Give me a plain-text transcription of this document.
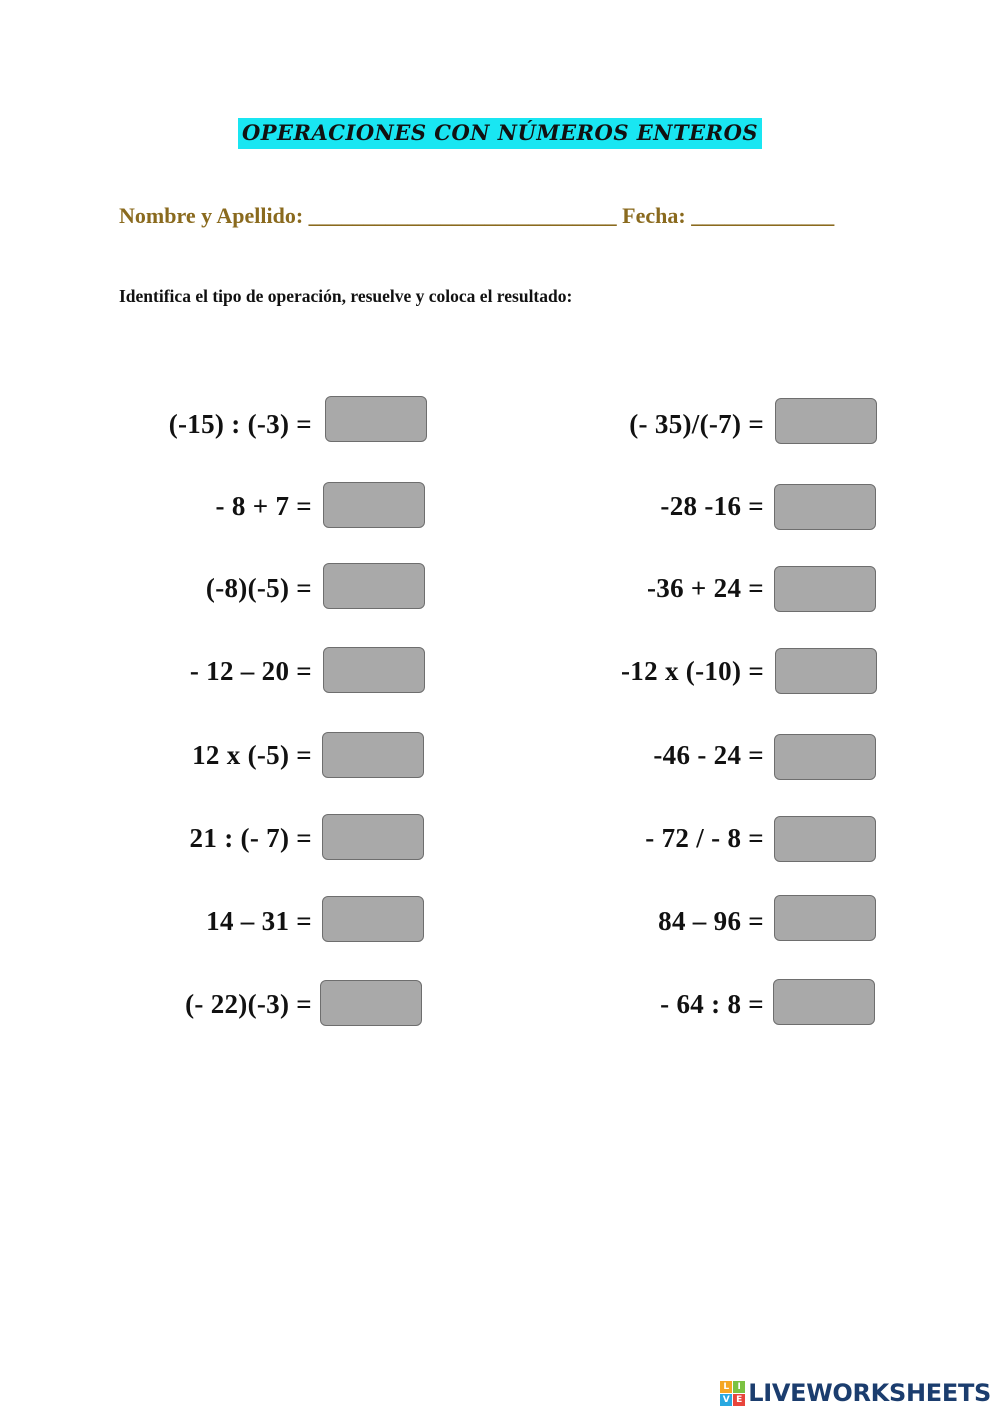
OPERACIONES CON NÚMEROS ENTEROS
Nombre y Apellido: ____________________________ Fecha: _____________
Identifica el tipo de operación, resuelve y coloca el resultado:
(-15) : (-3) =
- 8 + 7 =
(-8)(-5) =
- 12 – 20 =
12 x (-5) =
21 : (- 7) =
14 – 31 =
(- 22)(-3) =
(- 35)/(-7) =
-28 -16 =
-36 + 24 =
-12 x (-10) =
-46 - 24 =
- 72 / - 8 =
84 – 96 =
- 64 : 8 =
L I
V E LIVEWORKSHEETS
